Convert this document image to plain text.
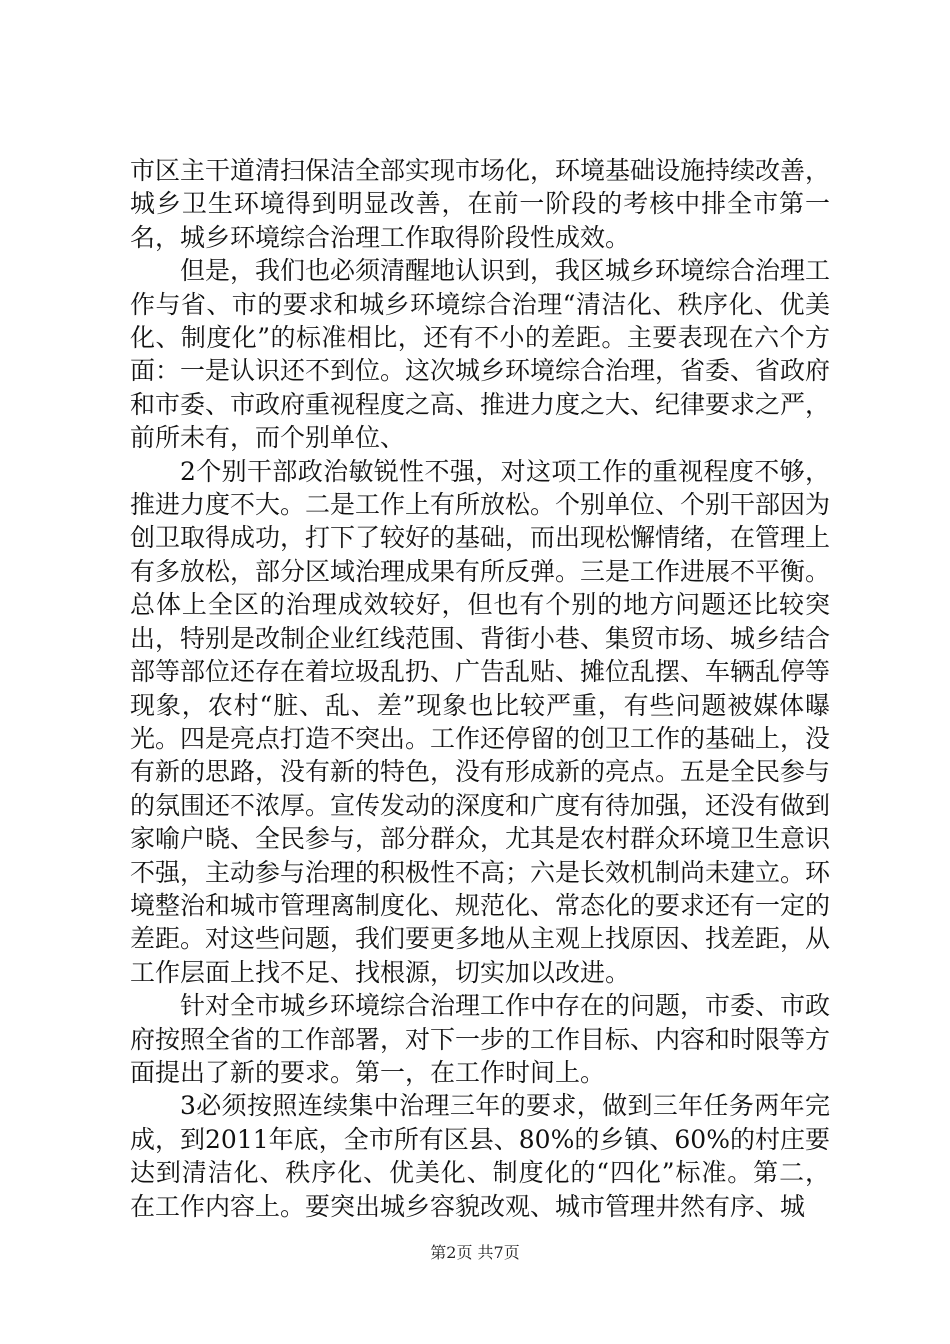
市区主干道清扫保洁全部实现市场化，环境基础设施持续改善，城乡卫生环境得到明显改善，在前一阶段的考核中排全市第一名，城乡环境综合治理工作取得阶段性成效。

但是，我们也必须清醒地认识到，我区城乡环境综合治理工作与省、市的要求和城乡环境综合治理“清洁化、秩序化、优美化、制度化”的标准相比，还有不小的差距。主要表现在六个方面：一是认识还不到位。这次城乡环境综合治理，省委、省政府和市委、市政府重视程度之高、推进力度之大、纪律要求之严，前所未有，而个别单位、

2个别干部政治敏锐性不强，对这项工作的重视程度不够，推进力度不大。二是工作上有所放松。个别单位、个别干部因为创卫取得成功，打下了较好的基础，而出现松懈情绪，在管理上有多放松，部分区域治理成果有所反弹。三是工作进展不平衡。总体上全区的治理成效较好，但也有个别的地方问题还比较突出，特别是改制企业红线范围、背街小巷、集贸市场、城乡结合部等部位还存在着垃圾乱扔、广告乱贴、摊位乱摆、车辆乱停等现象，农村“脏、乱、差”现象也比较严重，有些问题被媒体曝光。四是亮点打造不突出。工作还停留的创卫工作的基础上，没有新的思路，没有新的特色，没有形成新的亮点。五是全民参与的氛围还不浓厚。宣传发动的深度和广度有待加强，还没有做到家喻户晓、全民参与，部分群众，尤其是农村群众环境卫生意识不强，主动参与治理的积极性不高；六是长效机制尚未建立。环境整治和城市管理离制度化、规范化、常态化的要求还有一定的差距。对这些问题，我们要更多地从主观上找原因、找差距，从工作层面上找不足、找根源，切实加以改进。

针对全市城乡环境综合治理工作中存在的问题，市委、市政府按照全省的工作部署，对下一步的工作目标、内容和时限等方面提出了新的要求。第一，在工作时间上。

3必须按照连续集中治理三年的要求，做到三年任务两年完成，到2011年底，全市所有区县、80%的乡镇、60%的村庄要达到清洁化、秩序化、优美化、制度化的“四化”标准。第二，在工作内容上。要突出城乡容貌改观、城市管理井然有序、城

第2页 共7页
